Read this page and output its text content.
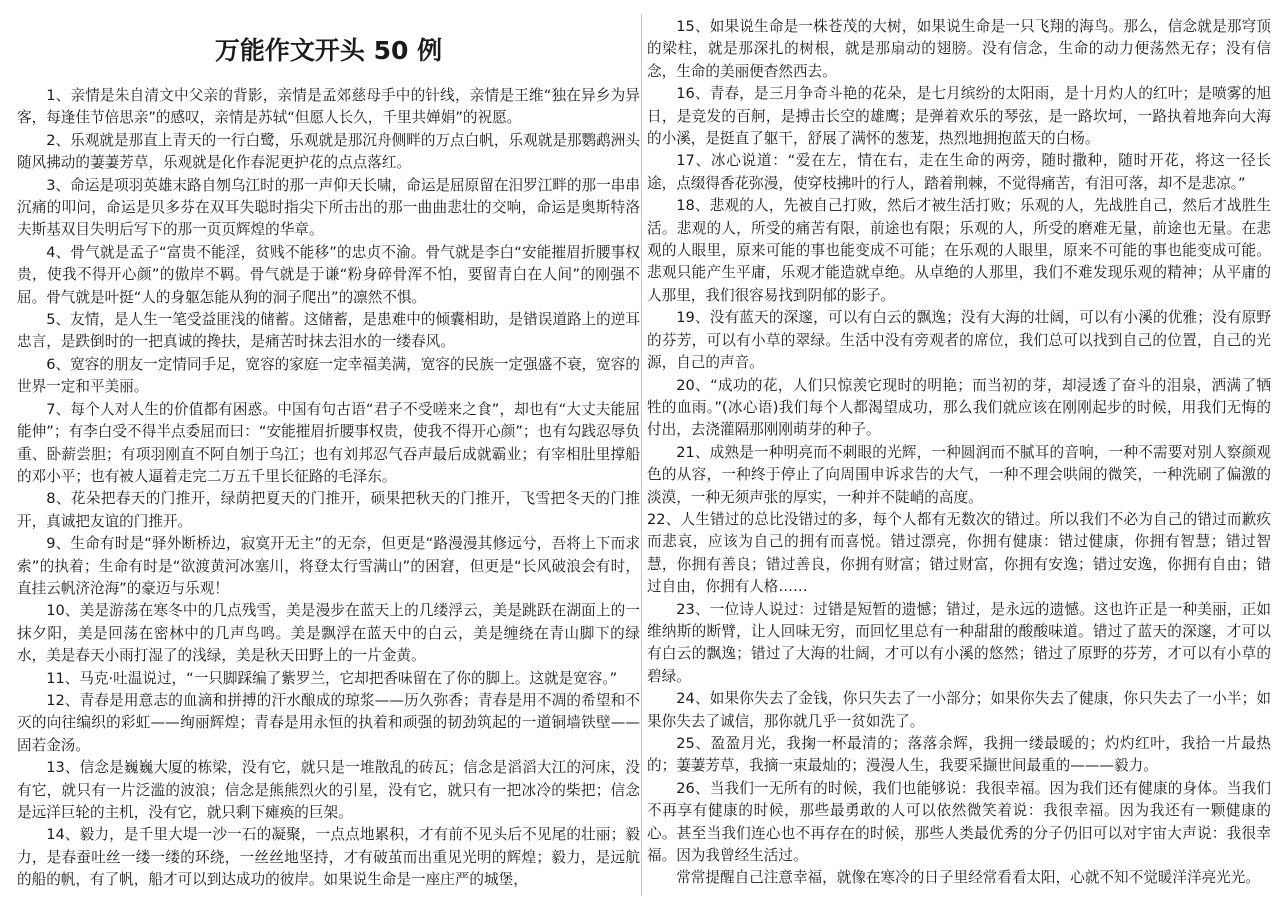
万能作文开头 50 例

1、亲情是朱自清文中父亲的背影，亲情是孟郊慈母手中的针线，亲情是王维“独在异乡为异客，每逢佳节倍思亲”的感叹，亲情是苏轼“但愿人长久，千里共婵娟”的祝愿。

2、乐观就是那直上青天的一行白鹭，乐观就是那沉舟侧畔的万点白帆，乐观就是那鹦鹉洲头随风拂动的萋萋芳草，乐观就是化作春泥更护花的点点落红。

3、命运是项羽英雄末路自刎乌江时的那一声仰天长啸，命运是屈原留在汨罗江畔的那一串串沉痛的叩问，命运是贝多芬在双耳失聪时指尖下所击出的那一曲曲悲壮的交响，命运是奥斯特洛夫斯基双目失明后写下的那一页页辉煌的华章。

4、骨气就是孟子“富贵不能淫，贫贱不能移”的忠贞不渝。骨气就是李白“安能摧眉折腰事权贵，使我不得开心颜”的傲岸不羁。骨气就是于谦“粉身碎骨浑不怕，要留青白在人间”的刚强不屈。骨气就是叶挺“人的身躯怎能从狗的洞子爬出”的凛然不惧。

5、友情，是人生一笔受益匪浅的储蓄。这储蓄，是患难中的倾囊相助，是错误道路上的逆耳忠言，是跌倒时的一把真诚的搀扶，是痛苦时抹去泪水的一缕春风。

6、宽容的朋友一定情同手足，宽容的家庭一定幸福美满，宽容的民族一定强盛不衰，宽容的世界一定和平美丽。

7、每个人对人生的价值都有困惑。中国有句古语“君子不受嗟来之食”，却也有“大丈夫能屈能伸”；有李白受不得半点委屈而曰：“安能摧眉折腰事权贵，使我不得开心颜”；也有勾践忍辱负重、卧薪尝胆；有项羽刚直不阿自刎于乌江；也有刘邦忍气吞声最后成就霸业；有宰相肚里撑船的邓小平；也有被人逼着走完二万五千里长征路的毛泽东。

8、花朵把春天的门推开，绿荫把夏天的门推开，硕果把秋天的门推开，飞雪把冬天的门推开，真诚把友谊的门推开。

9、生命有时是“驿外断桥边，寂寞开无主”的无奈，但更是“路漫漫其修远兮，吾将上下而求索”的执着；生命有时是“欲渡黄河冰塞川，将登太行雪满山”的困窘，但更是“长风破浪会有时，直挂云帆济沧海”的豪迈与乐观！

10、美是游荡在寒冬中的几点残雪，美是漫步在蓝天上的几缕浮云，美是跳跃在湖面上的一抹夕阳，美是回荡在密林中的几声鸟鸣。美是飘浮在蓝天中的白云，美是缠绕在青山脚下的绿水，美是春天小雨打湿了的浅绿，美是秋天田野上的一片金黄。

11、马克·吐温说过，“一只脚踩编了紫罗兰，它却把香味留在了你的脚上。这就是宽容。”

12、青春是用意志的血滴和拼搏的汗水酿成的琼浆——历久弥香；青春是用不凋的希望和不灭的向往编织的彩虹——绚丽辉煌；青春是用永恒的执着和顽强的韧劲筑起的一道铜墙铁壁——固若金汤。

13、信念是巍巍大厦的栋梁，没有它，就只是一堆散乱的砖瓦；信念是滔滔大江的河床，没有它，就只有一片泛滥的波浪；信念是熊熊烈火的引星，没有它，就只有一把冰冷的柴把；信念是远洋巨轮的主机，没有它，就只剩下瘫痪的巨架。

14、毅力，是千里大堤一沙一石的凝聚，一点点地累积，才有前不见头后不见尾的壮丽；毅力，是春蚕吐丝一缕一缕的环绕，一丝丝地坚持，才有破茧而出重见光明的辉煌；毅力，是远航的船的帆，有了帆，船才可以到达成功的彼岸。如果说生命是一座庄严的城堡，

15、如果说生命是一株苍茂的大树，如果说生命是一只飞翔的海鸟。那么，信念就是那穹顶的梁柱，就是那深扎的树根，就是那扇动的翅膀。没有信念，生命的动力便荡然无存；没有信念，生命的美丽便杳然西去。

16、青春，是三月争奇斗艳的花朵，是七月缤纷的太阳雨，是十月灼人的红叶；是喷雾的旭日，是竞发的百舸，是搏击长空的雄鹰；是弹着欢乐的琴弦，是一路坎坷，一路执着地奔向大海的小溪，是挺直了躯干，舒展了满怀的葱茏，热烈地拥抱蓝天的白杨。

17、冰心说道：“爱在左，情在右，走在生命的两旁，随时撒种，随时开花，将这一径长途，点缀得香花弥漫，使穿枝拂叶的行人，踏着荆棘，不觉得痛苦，有泪可落，却不是悲凉。”

18、悲观的人，先被自己打败，然后才被生活打败；乐观的人，先战胜自己，然后才战胜生活。悲观的人，所受的痛苦有限，前途也有限；乐观的人，所受的磨难无量，前途也无量。在悲观的人眼里，原来可能的事也能变成不可能；在乐观的人眼里，原来不可能的事也能变成可能。悲观只能产生平庸，乐观才能造就卓绝。从卓绝的人那里，我们不难发现乐观的精神；从平庸的人那里，我们很容易找到阴郁的影子。

19、没有蓝天的深邃，可以有白云的飘逸；没有大海的壮阔，可以有小溪的优雅；没有原野的芬芳，可以有小草的翠绿。生活中没有旁观者的席位，我们总可以找到自己的位置，自己的光源，自己的声音。

20、“成功的花，人们只惊羡它现时的明艳；而当初的芽，却浸透了奋斗的泪泉，洒满了牺牲的血雨。”(冰心语)我们每个人都渴望成功，那么我们就应该在刚刚起步的时候，用我们无悔的付出，去浇灌隔那刚刚萌芽的种子。

21、成熟是一种明亮而不刺眼的光辉，一种圆润而不腻耳的音响，一种不需要对别人察颜观色的从容，一种终于停止了向周围申诉求告的大气，一种不理会哄闹的微笑，一种洗刷了偏激的淡漠，一种无须声张的厚实，一种并不陡峭的高度。

22、人生错过的总比没错过的多，每个人都有无数次的错过。所以我们不必为自己的错过而歉疚而悲哀，应该为自己的拥有而喜悦。错过漂亮，你拥有健康：错过健康，你拥有智慧；错过智慧，你拥有善良；错过善良，你拥有财富；错过财富，你拥有安逸；错过安逸，你拥有自由；错过自由，你拥有人格……

23、一位诗人说过：过错是短暂的遗憾；错过，是永远的遗憾。这也许正是一种美丽，正如维纳斯的断臂，让人回味无穷，而回忆里总有一种甜甜的酸酸味道。错过了蓝天的深邃，才可以有白云的飘逸；错过了大海的壮阔，才可以有小溪的悠然；错过了原野的芬芳，才可以有小草的碧绿。

24、如果你失去了金钱，你只失去了一小部分；如果你失去了健康，你只失去了一小半；如果你失去了诚信，那你就几乎一贫如洗了。

25、盈盈月光，我掬一杯最清的；落落余辉，我拥一缕最暖的；灼灼红叶，我拾一片最热的；萋萋芳草，我摘一束最灿的；漫漫人生，我要采撷世间最重的———毅力。

26、当我们一无所有的时候，我们也能够说：我很幸福。因为我们还有健康的身体。当我们不再享有健康的时候，那些最勇敢的人可以依然微笑着说：我很幸福。因为我还有一颗健康的心。甚至当我们连心也不再存在的时候，那些人类最优秀的分子仍旧可以对宇宙大声说：我很幸福。因为我曾经生活过。

常常提醒自己注意幸福，就像在寒冷的日子里经常看看太阳，心就不知不觉暖洋洋亮光光。
